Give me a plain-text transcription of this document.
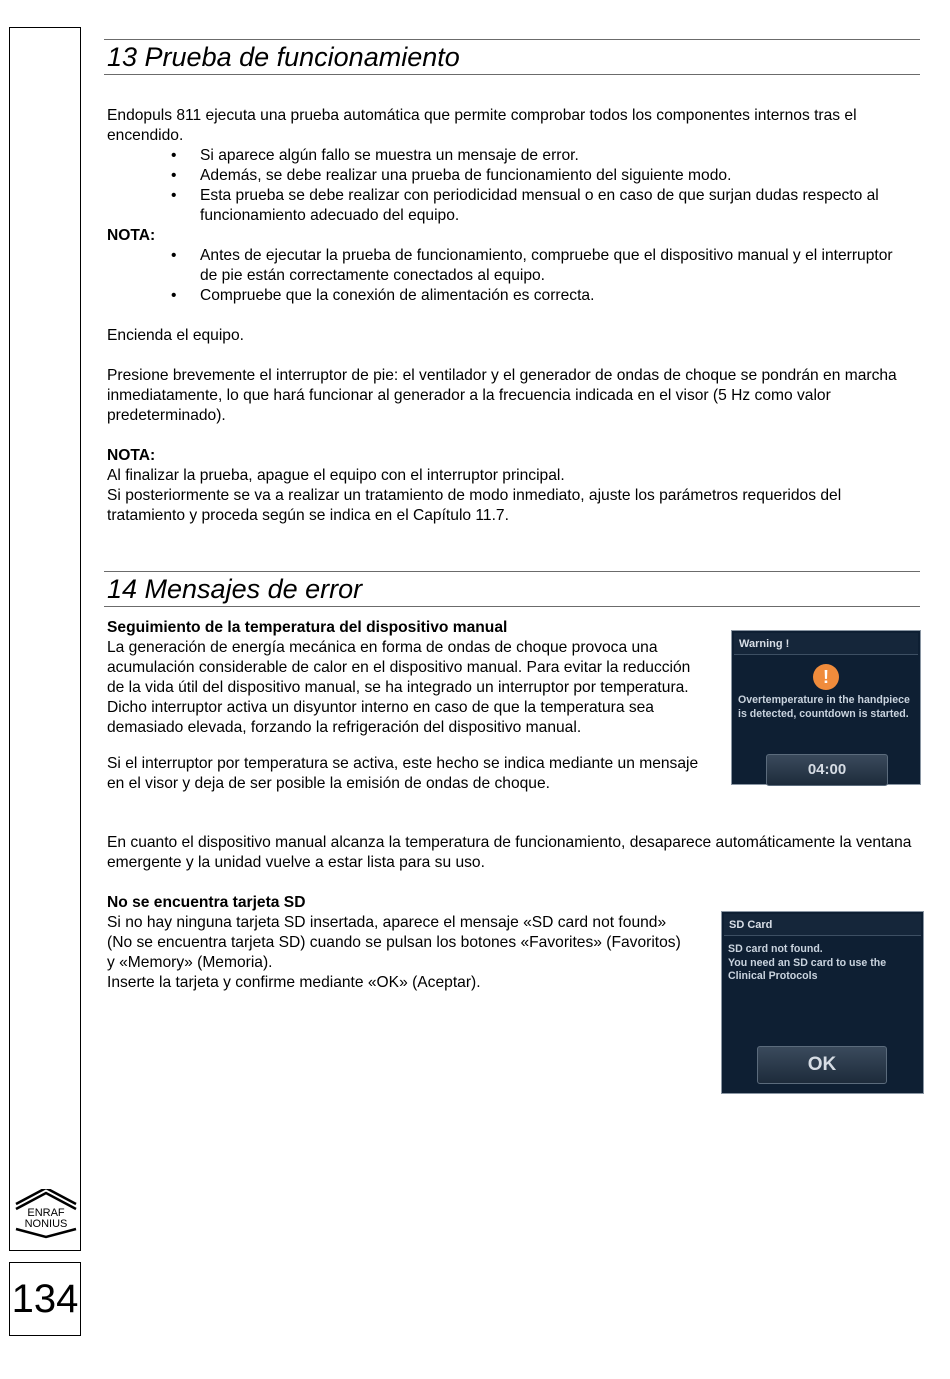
ENRAF
NONIUS
134
13 Prueba de funcionamiento

Endopuls 811 ejecuta una prueba automática que permite comprobar todos los componentes internos tras el encendido.

• Si aparece algún fallo se muestra un mensaje de error.
• Además, se debe realizar una prueba de funcionamiento del siguiente modo.
• Esta prueba se debe realizar con periodicidad mensual o en caso de que surjan dudas respecto al funcionamiento adecuado del equipo.

NOTA:

• Antes de ejecutar la prueba de funcionamiento, compruebe que el dispositivo manual y el interruptor de pie están correctamente conectados al equipo.
• Compruebe que la conexión de alimentación es correcta.

Encienda el equipo.

Presione brevemente el interruptor de pie: el ventilador y el generador de ondas de choque se pondrán en marcha inmediatamente, lo que hará funcionar al generador a la frecuencia indicada en el visor (5 Hz como valor predeterminado).

NOTA:

Al finalizar la prueba, apague el equipo con el interruptor principal.

Si posteriormente se va a realizar un tratamiento de modo inmediato, ajuste los parámetros requeridos del tratamiento y proceda según se indica en el Capítulo 11.7.

14 Mensajes de error

Seguimiento de la temperatura del dispositivo manual

La generación de energía mecánica en forma de ondas de choque provoca una acumulación considerable de calor en el dispositivo manual. Para evitar la reducción de la vida útil del dispositivo manual, se ha integrado un interruptor por temperatura. Dicho interruptor activa un disyuntor interno en caso de que la temperatura sea demasiado elevada, forzando la refrigeración del dispositivo manual.

Si el interruptor por temperatura se activa, este hecho se indica mediante un mensaje en el visor y deja de ser posible la emisión de ondas de choque.

En cuanto el dispositivo manual alcanza la temperatura de funcionamiento, desaparece automáticamente la ventana emergente y la unidad vuelve a estar lista para su uso.

No se encuentra tarjeta SD

Si no hay ninguna tarjeta SD insertada, aparece el mensaje «SD card not found» (No se encuentra tarjeta SD) cuando se pulsan los botones «Favorites» (Favoritos) y «Memory» (Memoria).

Inserte la tarjeta y confirme mediante «OK» (Aceptar).

Warning !
!
Overtemperature in the handpiece
is detected, countdown is started.
04:00
SD Card
SD card not found.
You need an SD card to use the
Clinical Protocols
OK
